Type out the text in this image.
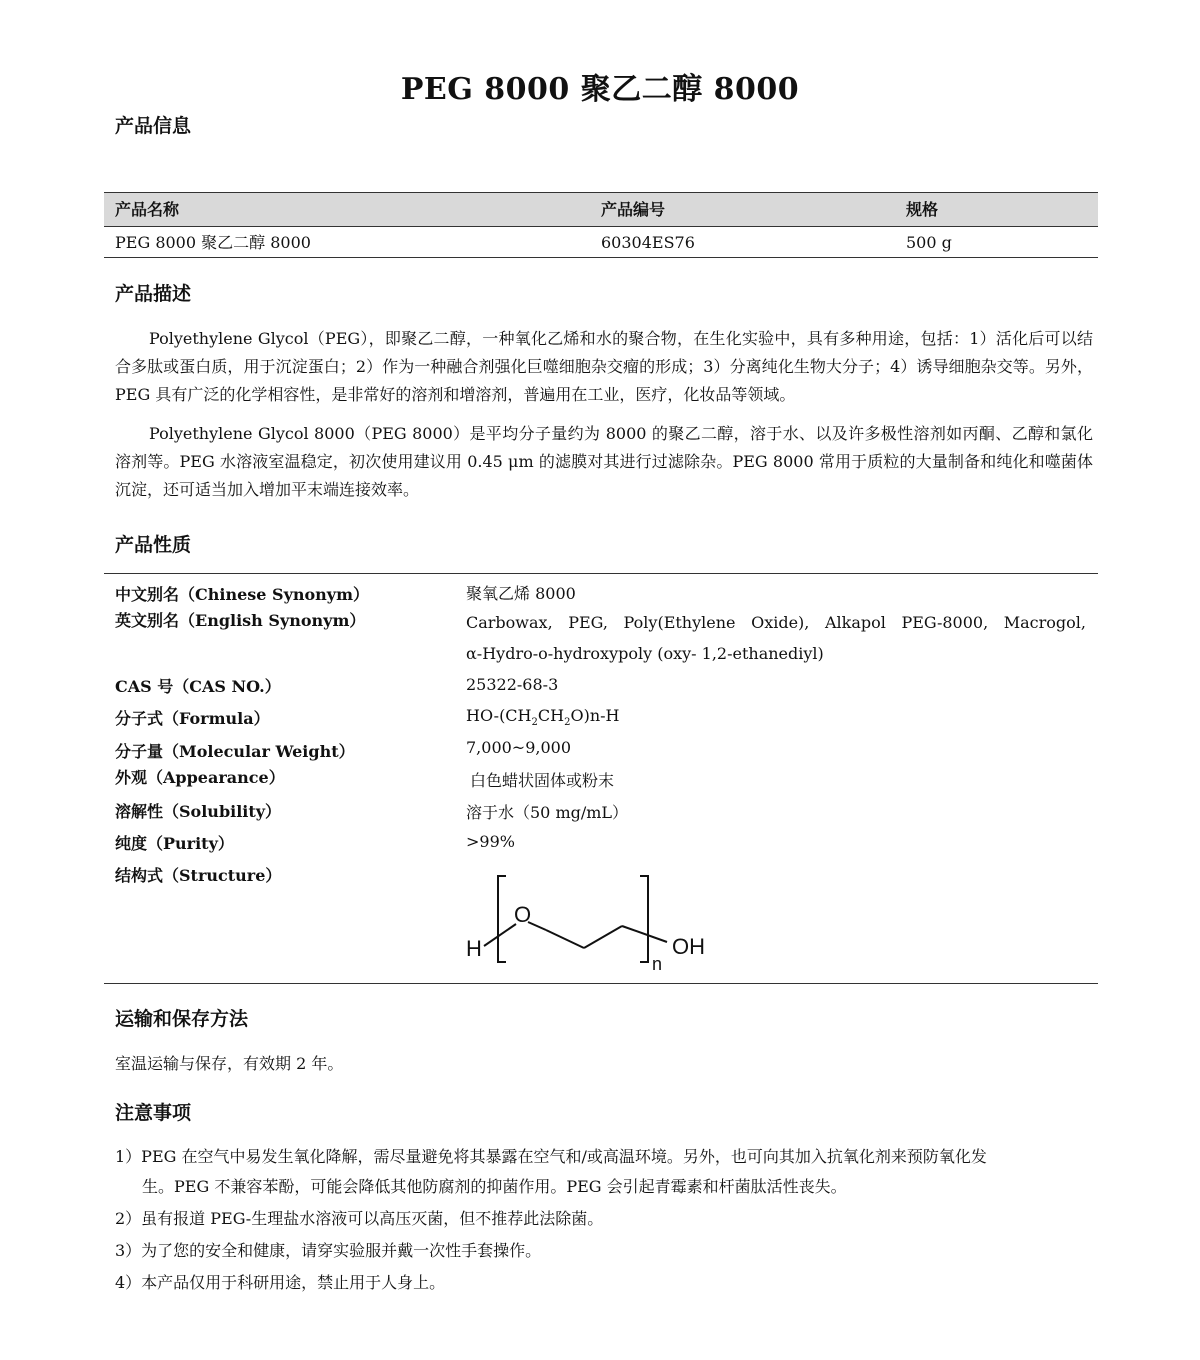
PEG 8000 聚乙二醇 8000
产品信息
产品名称	产品编号	规格
PEG 8000 聚乙二醇 8000	60304ES76	500 g
产品描述

Polyethylene Glycol（PEG），即聚乙二醇，一种氧化乙烯和水的聚合物，在生化实验中，具有多种用途，包括：1）活化后可以结合多肽或蛋白质，用于沉淀蛋白；2）作为一种融合剂强化巨噬细胞杂交瘤的形成；3）分离纯化生物大分子；4）诱导细胞杂交等。另外，PEG 具有广泛的化学相容性，是非常好的溶剂和增溶剂，普遍用在工业，医疗，化妆品等领域。

Polyethylene Glycol 8000（PEG 8000）是平均分子量约为 8000 的聚乙二醇，溶于水、以及许多极性溶剂如丙酮、乙醇和氯化溶剂等。PEG 水溶液室温稳定，初次使用建议用 0.45 μm 的滤膜对其进行过滤除杂。PEG 8000 常用于质粒的大量制备和纯化和噬菌体沉淀，还可适当加入增加平末端连接效率。

产品性质
中文别名（Chinese Synonym）	聚氧乙烯 8000
英文别名（English Synonym）	Carbowax, PEG, Poly(Ethylene Oxide), Alkapol PEG-8000, Macrogol,
α-Hydro-o-hydroxypoly (oxy- 1,2-ethanediyl)
CAS 号（CAS NO.）	25322-68-3
分子式（Formula）	$HO-(CH_2CH_2O)n-H$
分子量（Molecular Weight）	7,000~9,000
外观（Appearance）	白色蜡状固体或粉末
溶解性（Solubility）	溶于水（50 mg/mL）
纯度（Purity）	>99%
结构式（Structure）
H
O
OH
n
运输和保存方法
室温运输与保存，有效期 2 年。
注意事项
1）PEG 在空气中易发生氧化降解，需尽量避免将其暴露在空气和/或高温环境。另外，也可向其加入抗氧化剂来预防氧化发
生。PEG 不兼容苯酚，可能会降低其他防腐剂的抑菌作用。PEG 会引起青霉素和杆菌肽活性丧失。
2）虽有报道 PEG-生理盐水溶液可以高压灭菌，但不推荐此法除菌。
3）为了您的安全和健康，请穿实验服并戴一次性手套操作。
4）本产品仅用于科研用途，禁止用于人身上。
